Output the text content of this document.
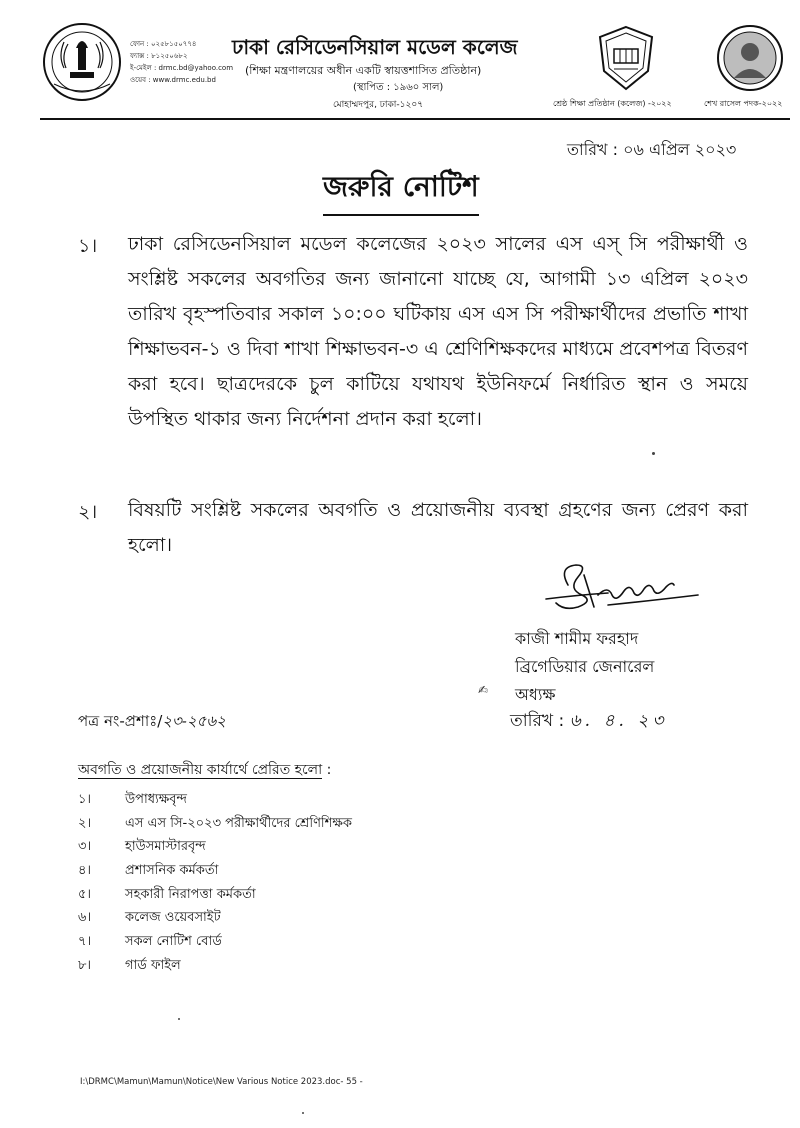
ফোন : ০২৫৮১৫০৭৭৪
ফ্যাক্স : ৮১২৫০৬৮২
ই-মেইল : drmc.bd@yahoo.com
ওয়েব : www.drmc.edu.bd
ঢাকা রেসিডেনসিয়াল মডেল কলেজ
(শিক্ষা মন্ত্রণালয়ের অধীন একটি স্বায়ত্তশাসিত প্রতিষ্ঠান)
(স্থাপিত : ১৯৬০ সাল)
মোহাম্মদপুর, ঢাকা-১২০৭	শ্রেষ্ঠ শিক্ষা প্রতিষ্ঠান (কলেজ) -২০২২	শেখ রাসেল পদক-২০২২
তারিখ : ০৬ এপ্রিল ২০২৩
জরুরি নোটিশ
১। ঢাকা রেসিডেনসিয়াল মডেল কলেজের ২০২৩ সালের এস এস্ সি পরীক্ষার্থী ও সংশ্লিষ্ট সকলের অবগতির জন্য জানানো যাচ্ছে যে, আগামী ১৩ এপ্রিল ২০২৩ তারিখ বৃহস্পতিবার সকাল ১০:০০ ঘটিকায় এস এস সি পরীক্ষার্থীদের প্রভাতি শাখা শিক্ষাভবন-১ ও দিবা শাখা শিক্ষাভবন-৩ এ শ্রেণিশিক্ষকদের মাধ্যমে প্রবেশপত্র বিতরণ করা হবে। ছাত্রদেরকে চুল কাটিয়ে যথাযথ ইউনিফর্মে নির্ধারিত স্থান ও সময়ে উপস্থিত থাকার জন্য নির্দেশনা প্রদান করা হলো।
২। বিষয়টি সংশ্লিষ্ট সকলের অবগতি ও প্রয়োজনীয় ব্যবস্থা গ্রহণের জন্য প্রেরণ করা হলো।
কাজী শামীম ফরহাদ
ব্রিগেডিয়ার জেনারেল
✍ অধ্যক্ষ
পত্র নং-প্রশাঃ/২৩-২৫৬২	তারিখ : ৬. ৪. ২৩
অবগতি ও প্রয়োজনীয় কার্যার্থে প্রেরিত হলো :
১।	উপাধ্যক্ষবৃন্দ
২।	এস এস সি-২০২৩ পরীক্ষার্থীদের শ্রেণিশিক্ষক
৩।	হাউসমাস্টারবৃন্দ
৪।	প্রশাসনিক কর্মকর্তা
৫।	সহকারী নিরাপত্তা কর্মকর্তা
৬।	কলেজ ওয়েবসাইট
৭।	সকল নোটিশ বোর্ড
৮।	গার্ড ফাইল
I:\DRMC\Mamun\Mamun\Notice\New Various Notice 2023.doc- 55 -
